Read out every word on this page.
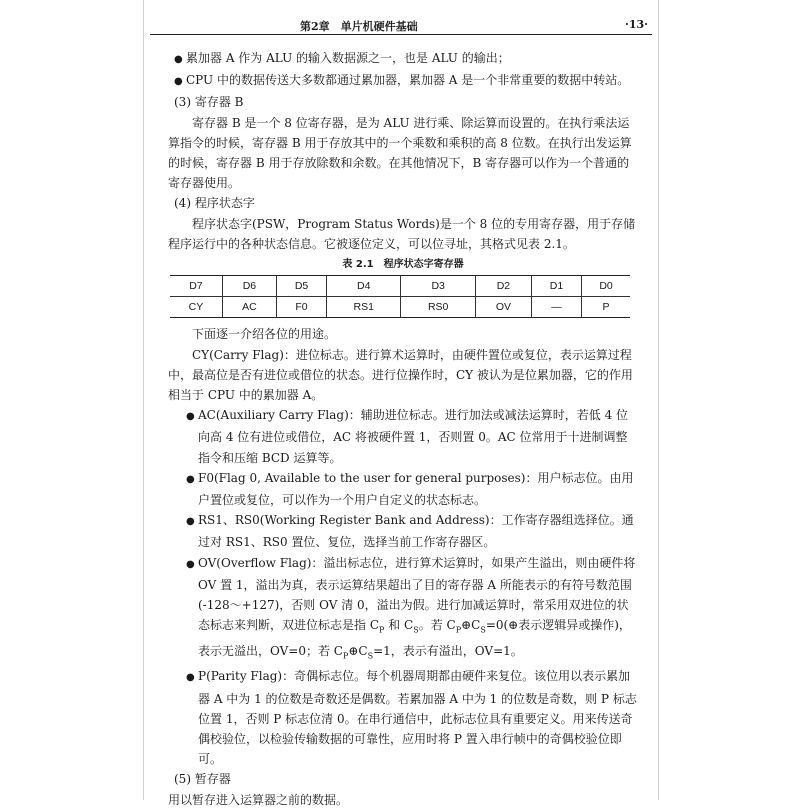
第2章　单片机硬件基础	·13·

● 累加器 A 作为 ALU 的输入数据源之一，也是 ALU 的输出；

● CPU 中的数据传送大多数都通过累加器，累加器 A 是一个非常重要的数据中转站。

(3) 寄存器 B

寄存器 B 是一个 8 位寄存器，是为 ALU 进行乘、除运算而设置的。在执行乘法运算指令的时候，寄存器 B 用于存放其中的一个乘数和乘积的高 8 位数。在执行出发运算的时候，寄存器 B 用于存放除数和余数。在其他情况下，B 寄存器可以作为一个普通的寄存器使用。

(4) 程序状态字

程序状态字(PSW，Program Status Words)是一个 8 位的专用寄存器，用于存储程序运行中的各种状态信息。它被逐位定义，可以位寻址，其格式见表 2.1。

表 2.1　程序状态字寄存器

D7	D6	D5	D4	D3	D2	D1	D0
CY	AC	F0	RS1	RS0	OV	—	P

下面逐一介绍各位的用途。

CY(Carry Flag)：进位标志。进行算术运算时，由硬件置位或复位，表示运算过程中，最高位是否有进位或借位的状态。进行位操作时，CY 被认为是位累加器，它的作用相当于 CPU 中的累加器 A。

● AC(Auxiliary Carry Flag)：辅助进位标志。进行加法或减法运算时，若低 4 位向高 4 位有进位或借位，AC 将被硬件置 1，否则置 0。AC 位常用于十进制调整指令和压缩 BCD 运算等。

● F0(Flag 0, Available to the user for general purposes)：用户标志位。由用户置位或复位，可以作为一个用户自定义的状态标志。

● RS1、RS0(Working Register Bank and Address)：工作寄存器组选择位。通过对 RS1、RS0 置位、复位，选择当前工作寄存器区。

● OV(Overflow Flag)：溢出标志位，进行算术运算时，如果产生溢出，则由硬件将 OV 置 1，溢出为真，表示运算结果超出了目的寄存器 A 所能表示的有符号数范围(-128～+127)，否则 OV 清 0，溢出为假。进行加减运算时，常采用双进位的状态标志来判断，双进位标志是指 $C_P$ 和 $C_S$。若 $C_P\oplus C_S=0(\oplus$表示逻辑异或操作)，表示无溢出，OV=0；若 $C_P\oplus C_S=1$，表示有溢出，OV=1。

● P(Parity Flag)：奇偶标志位。每个机器周期都由硬件来复位。该位用以表示累加器 A 中为 1 的位数是奇数还是偶数。若累加器 A 中为 1 的位数是奇数，则 P 标志位置 1，否则 P 标志位清 0。在串行通信中，此标志位具有重要定义。用来传送奇偶校验位，以检验传输数据的可靠性，应用时将 P 置入串行帧中的奇偶校验位即可。

(5) 暂存器

用以暂存进入运算器之前的数据。
